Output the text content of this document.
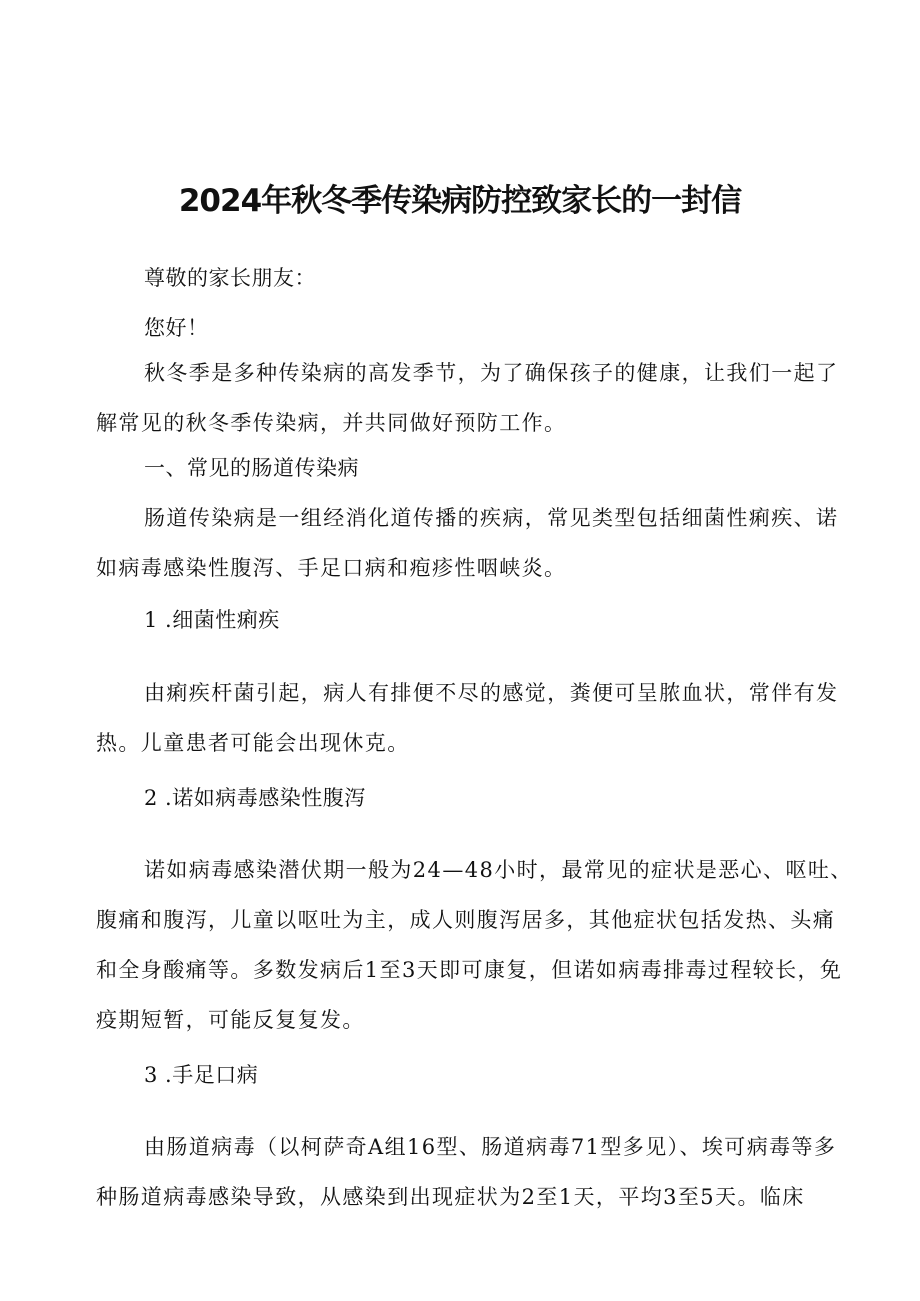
2024年秋冬季传染病防控致家长的一封信

尊敬的家长朋友：

您好！

秋冬季是多种传染病的高发季节，为了确保孩子的健康，让我们一起了解常见的秋冬季传染病，并共同做好预防工作。

一、常见的肠道传染病

肠道传染病是一组经消化道传播的疾病，常见类型包括细菌性痢疾、诺如病毒感染性腹泻、手足口病和疱疹性咽峡炎。

1 .细菌性痢疾

由痢疾杆菌引起，病人有排便不尽的感觉，粪便可呈脓血状，常伴有发热。儿童患者可能会出现休克。

2 .诺如病毒感染性腹泻

诺如病毒感染潜伏期一般为24—48小时，最常见的症状是恶心、呕吐、腹痛和腹泻，儿童以呕吐为主，成人则腹泻居多，其他症状包括发热、头痛和全身酸痛等。多数发病后1至3天即可康复，但诺如病毒排毒过程较长，免疫期短暂，可能反复复发。

3 .手足口病

由肠道病毒（以柯萨奇A组16型、肠道病毒71型多见）、埃可病毒等多种肠道病毒感染导致，从感染到出现症状为2至1天，平均3至5天。临床
